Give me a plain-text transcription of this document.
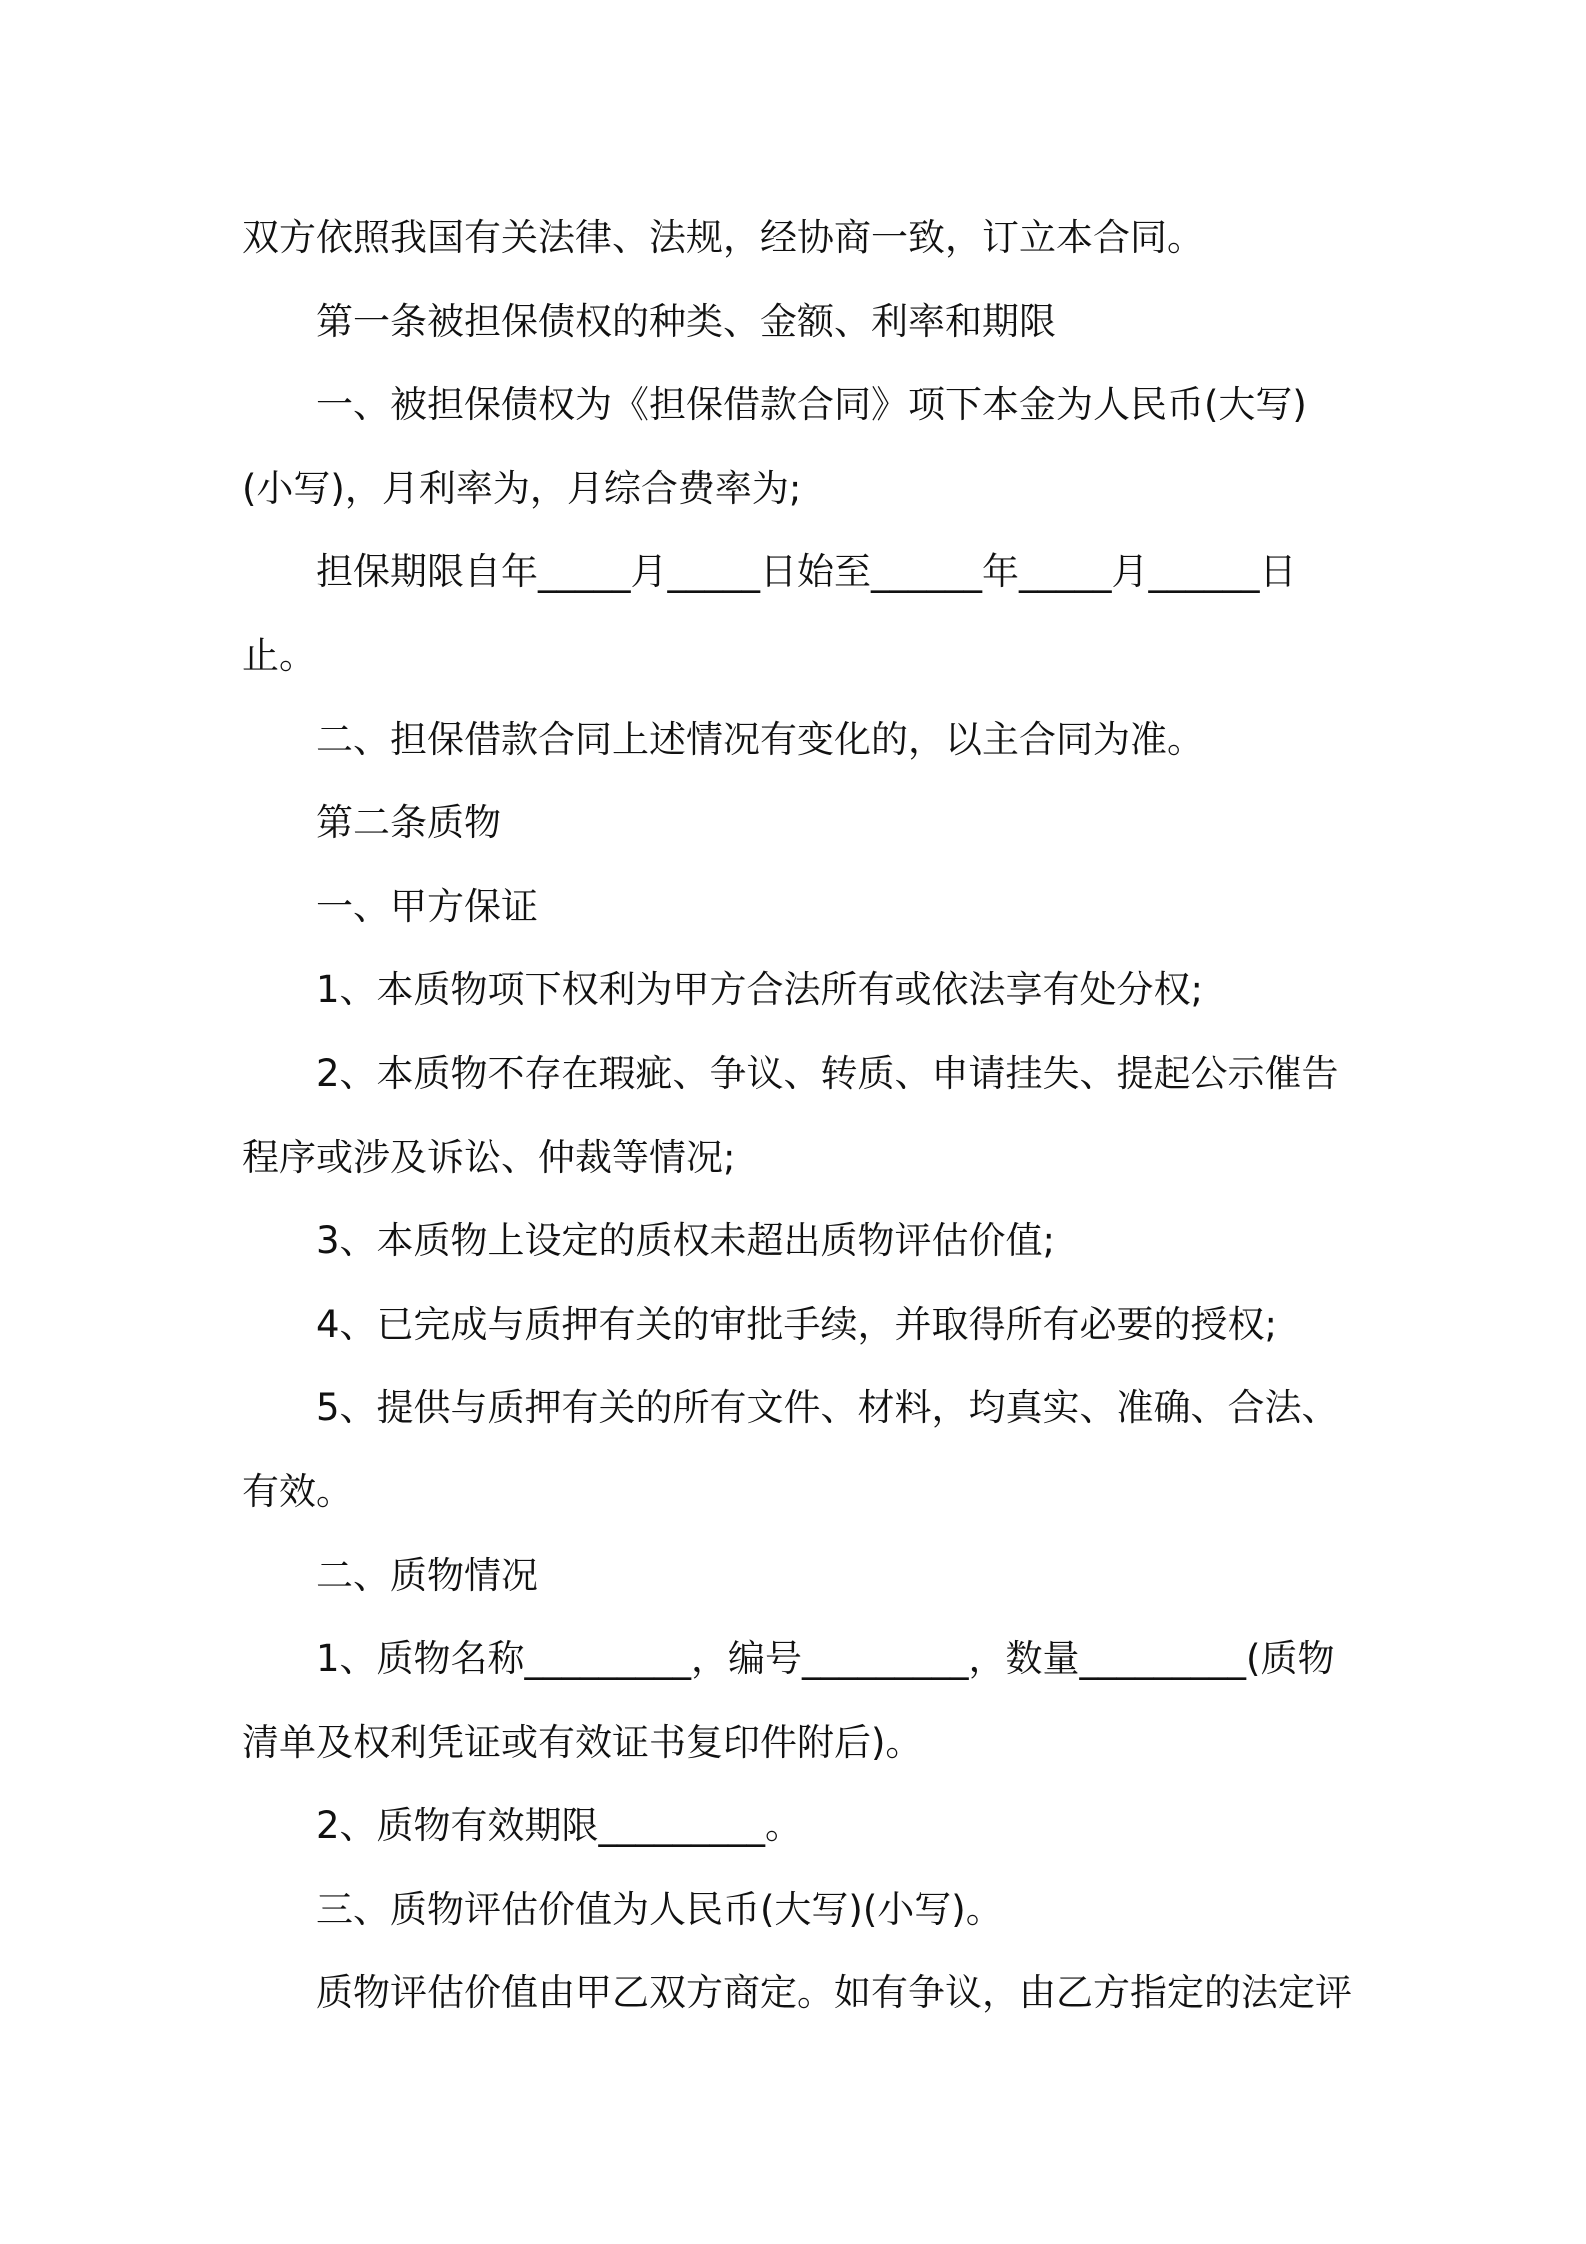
双方依照我国有关法律、法规，经协商一致，订立本合同。

第一条被担保债权的种类、金额、利率和期限

一、被担保债权为《担保借款合同》项下本金为人民币(大写)(小写)，月利率为，月综合费率为;

担保期限自年_____月_____日始至______年_____月______日止。

二、担保借款合同上述情况有变化的，以主合同为准。

第二条质物

一、甲方保证

1、本质物项下权利为甲方合法所有或依法享有处分权;

2、本质物不存在瑕疵、争议、转质、申请挂失、提起公示催告程序或涉及诉讼、仲裁等情况;

3、本质物上设定的质权未超出质物评估价值;

4、已完成与质押有关的审批手续，并取得所有必要的授权;

5、提供与质押有关的所有文件、材料，均真实、准确、合法、有效。

二、质物情况

1、质物名称_________，编号_________，数量_________(质物清单及权利凭证或有效证书复印件附后)。

2、质物有效期限_________。

三、质物评估价值为人民币(大写)(小写)。

质物评估价值由甲乙双方商定。如有争议，由乙方指定的法定评
